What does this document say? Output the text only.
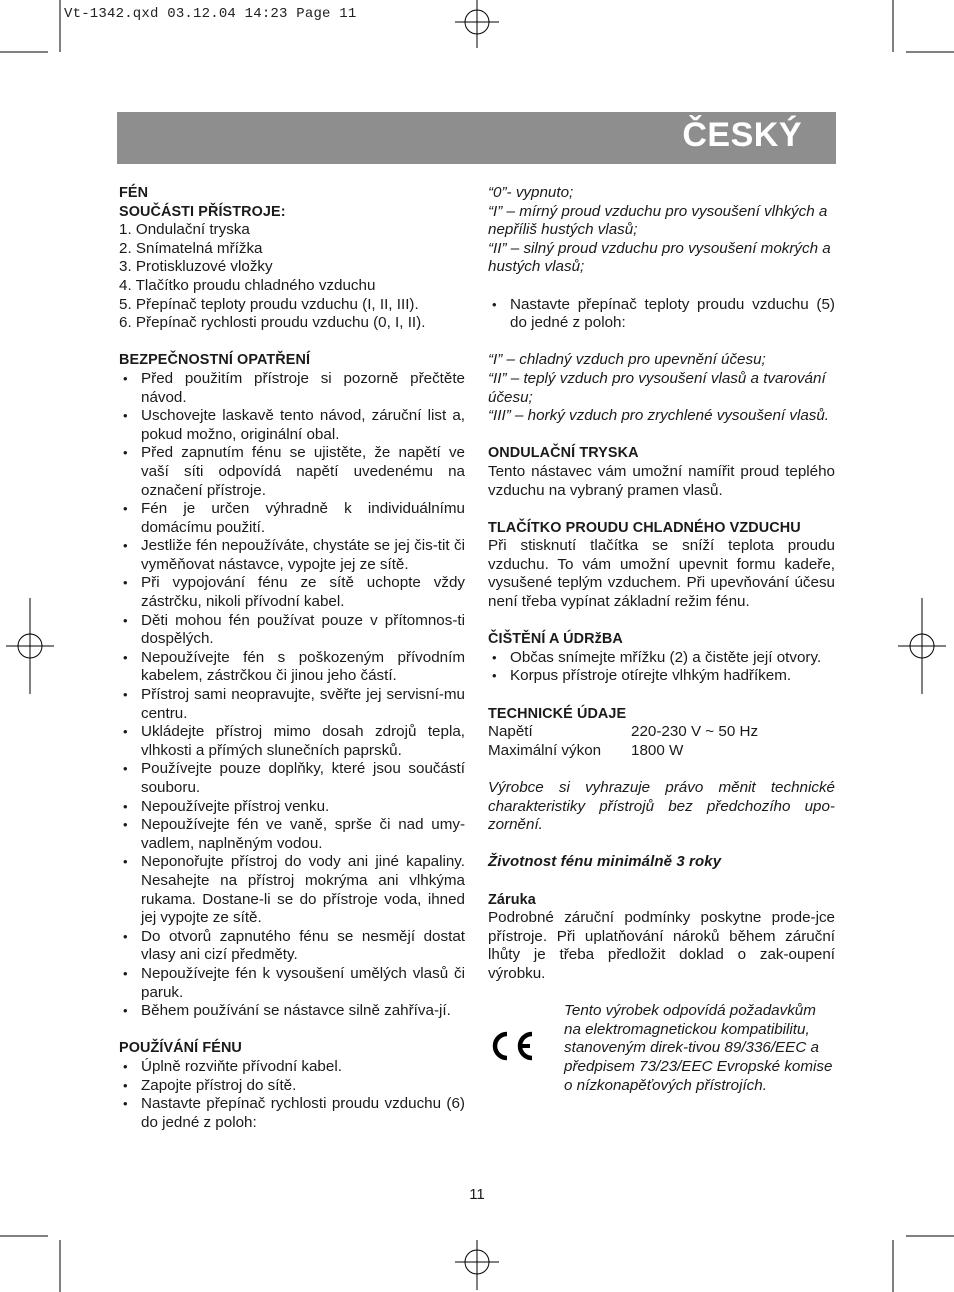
Vt-1342.qxd 03.12.04 14:23 Page 11
ČESKÝ
FÉN
SOUČÁSTI PŘÍSTROJE:
1. Ondulační tryska
2. Snímatelná mřížka
3. Protiskluzové vložky
4. Tlačítko proudu chladného vzduchu
5. Přepínač teploty proudu vzduchu (I, II, III).
6. Přepínač rychlosti proudu vzduchu (0, I, II).
BEZPEČNOSTNÍ OPATŘENÍ
• Před použitím přístroje si pozorně přečtěte návod.
• Uschovejte laskavě tento návod, záruční list a, pokud možno, originální obal.
• Před zapnutím fénu se ujistěte, že napětí ve vaší síti odpovídá napětí uvedenému na označení přístroje.
• Fén je určen výhradně k individuálnímu domácímu použití.
• Jestliže fén nepoužíváte, chystáte se jej čis-tit či vyměňovat nástavce, vypojte jej ze sítě.
• Při vypojování fénu ze sítě uchopte vždy zástrčku, nikoli přívodní kabel.
• Děti mohou fén používat pouze v přítomnos-ti dospělých.
• Nepoužívejte fén s poškozeným přívodním kabelem, zástrčkou či jinou jeho částí.
• Přístroj sami neopravujte, svěřte jej servisní-mu centru.
• Ukládejte přístroj mimo dosah zdrojů tepla, vlhkosti a přímých slunečních paprsků.
• Používejte pouze doplňky, které jsou součástí souboru.
• Nepoužívejte přístroj venku.
• Nepoužívejte fén ve vaně, sprše či nad umy-vadlem, naplněným vodou.
• Neponořujte přístroj do vody ani jiné kapaliny. Nesahejte na přístroj mokrýma ani vlhkýma rukama. Dostane-li se do přístroje voda, ihned jej vypojte ze sítě.
• Do otvorů zapnutého fénu se nesmějí dostat vlasy ani cizí předměty.
• Nepoužívejte fén k vysoušení umělých vlasů či paruk.
• Během používání se nástavce silně zahříva-jí.
POUŽÍVÁNÍ FÉNU
• Úplně rozviňte přívodní kabel.
• Zapojte přístroj do sítě.
• Nastavte přepínač rychlosti proudu vzduchu (6) do jedné z poloh:
“0”- vypnuto;
“I” – mírný proud vzduchu pro vysoušení vlhkých a nepříliš hustých vlasů;
“II” – silný proud vzduchu pro vysoušení mokrých a hustých vlasů;
• Nastavte přepínač teploty proudu vzduchu (5) do jedné z poloh:
“I” – chladný vzduch pro upevnění účesu;
“II” – teplý vzduch pro vysoušení vlasů a tvarování účesu;
“III” – horký vzduch pro zrychlené vysoušení vlasů.
ONDULAČNÍ TRYSKA
Tento nástavec vám umožní namířit proud teplého vzduchu na vybraný pramen vlasů.
TLAČÍTKO PROUDU CHLADNÉHO VZDUCHU
Při stisknutí tlačítka se sníží teplota proudu vzduchu. To vám umožní upevnit formu kadeře, vysušené teplým vzduchem. Při upevňování účesu není třeba vypínat základní režim fénu.
ČIŠTĚNÍ A ÚDRžBA
• Občas snímejte mřížku (2) a čistěte její otvory.
• Korpus přístroje otírejte vlhkým hadříkem.
TECHNICKÉ ÚDAJE
Napětí	220-230 V ~ 50 Hz
Maximální výkon	1800 W
Výrobce si vyhrazuje právo měnit technické charakteristiky přístrojů bez předchozího upo-zornění.
Životnost fénu minimálně 3 roky
Záruka
Podrobné záruční podmínky poskytne prode-jce přístroje. Při uplatňování nároků během záruční lhůty je třeba předložit doklad o zak-oupení výrobku.
Tento výrobek odpovídá požadavkům na elektromagnetickou kompatibilitu, stanoveným direk-tivou 89/336/EEC a předpisem 73/23/EEC Evropské komise o nízkonapěťových přístrojích.
11
